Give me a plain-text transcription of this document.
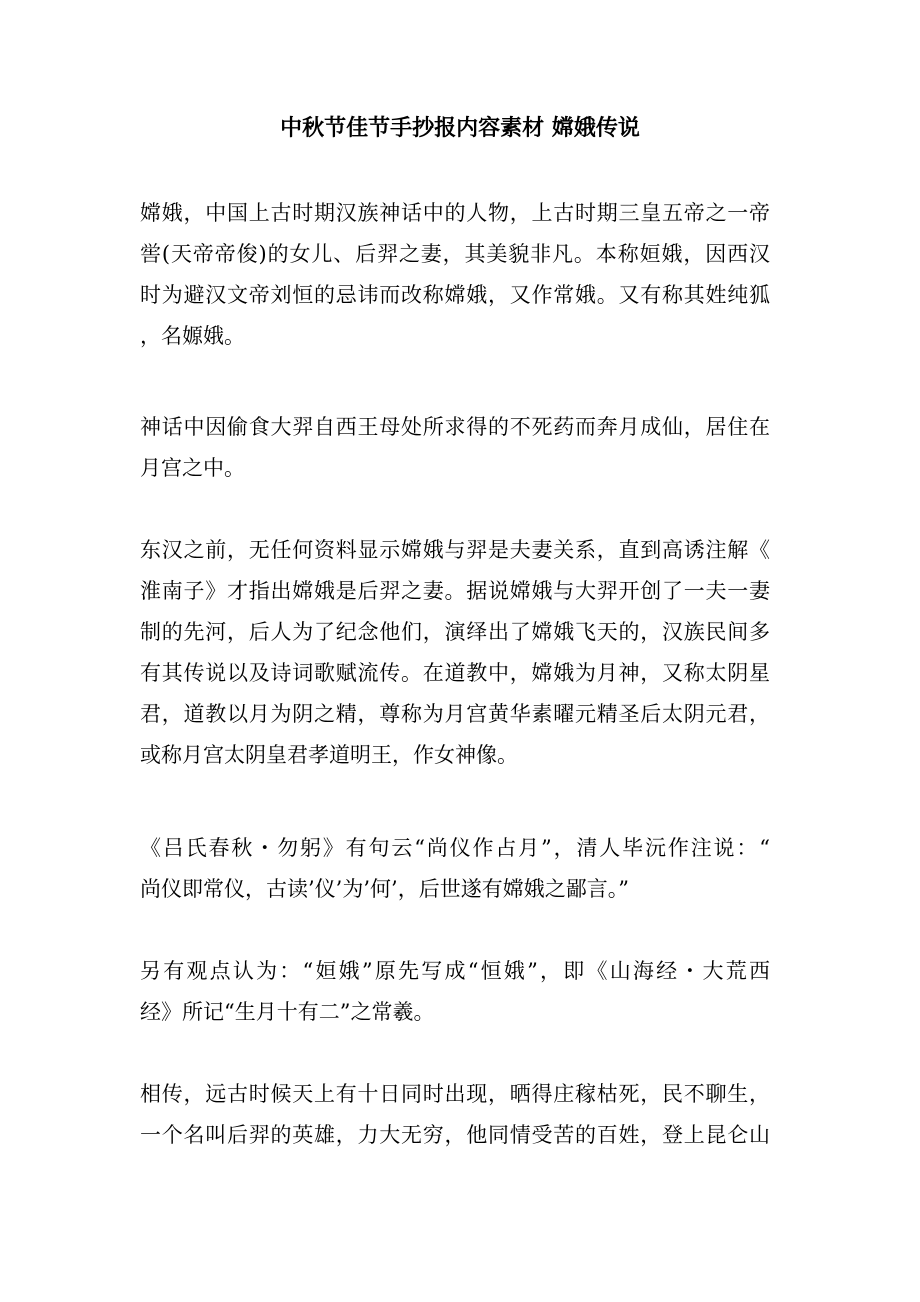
中秋节佳节手抄报内容素材 嫦娥传说
嫦娥，中国上古时期汉族神话中的人物，上古时期三皇五帝之一帝
喾(天帝帝俊)的女儿、后羿之妻，其美貌非凡。本称姮娥，因西汉
时为避汉文帝刘恒的忌讳而改称嫦娥，又作常娥。又有称其姓纯狐
，名嫄娥。
神话中因偷食大羿自西王母处所求得的不死药而奔月成仙，居住在
月宫之中。
东汉之前，无任何资料显示嫦娥与羿是夫妻关系，直到高诱注解《
淮南子》才指出嫦娥是后羿之妻。据说嫦娥与大羿开创了一夫一妻
制的先河，后人为了纪念他们，演绎出了嫦娥飞天的，汉族民间多
有其传说以及诗词歌赋流传。在道教中，嫦娥为月神，又称太阴星
君，道教以月为阴之精，尊称为月宫黄华素曜元精圣后太阴元君，
或称月宫太阴皇君孝道明王，作女神像。
《吕氏春秋・勿躬》有句云“尚仪作占月”，清人毕沅作注说：“
尚仪即常仪，古读’仪’为’何’，后世遂有嫦娥之鄙言。”
另有观点认为：“姮娥”原先写成“恒娥”，即《山海经・大荒西
经》所记“生月十有二”之常羲。
相传，远古时候天上有十日同时出现，晒得庄稼枯死，民不聊生，
一个名叫后羿的英雄，力大无穷，他同情受苦的百姓，登上昆仑山
